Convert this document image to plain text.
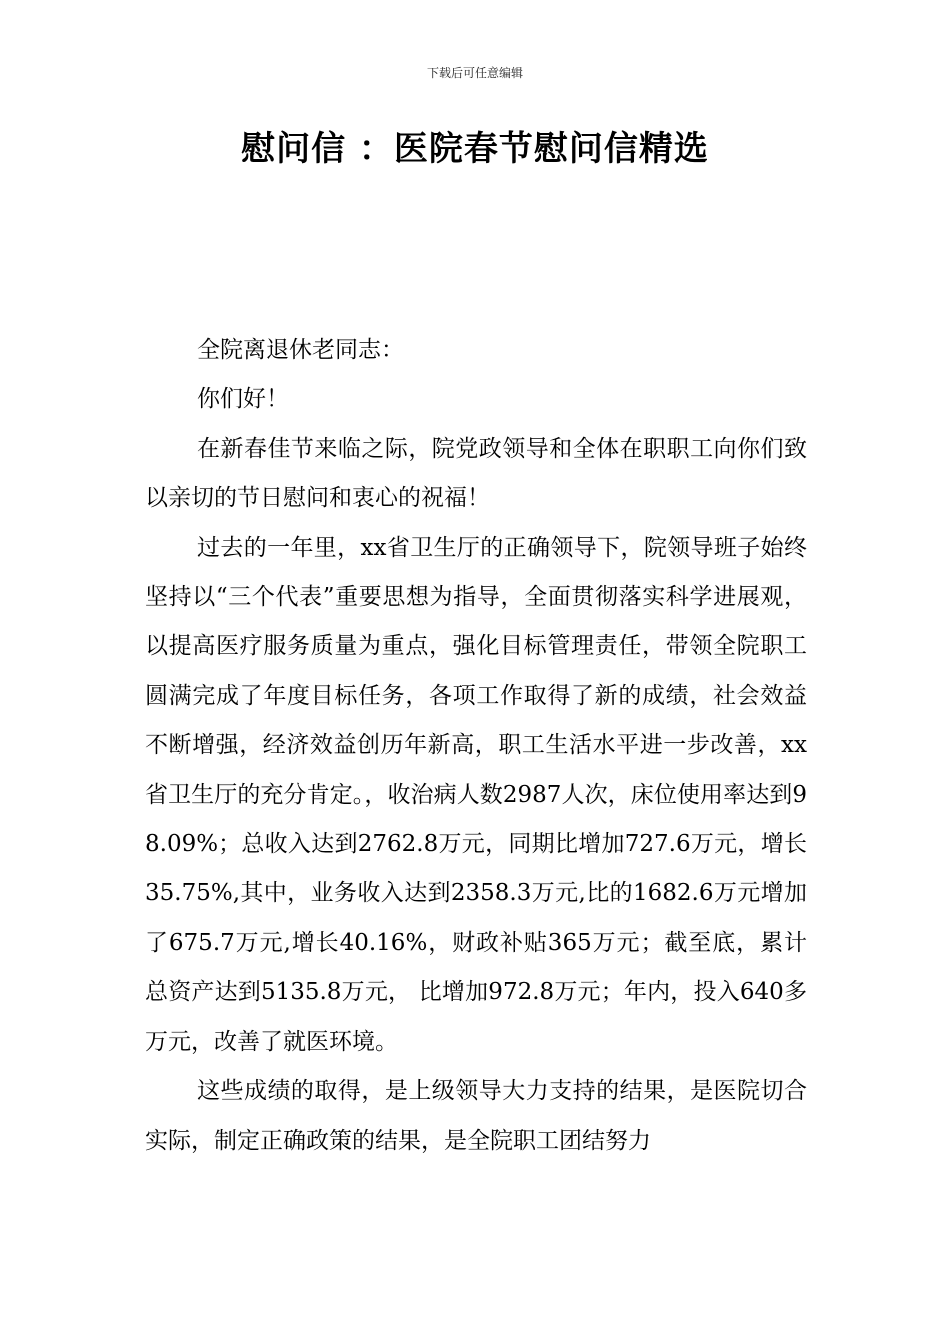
下载后可任意编辑
慰问信 ：医院春节慰问信精选

全院离退休老同志：

你们好！

在新春佳节来临之际，院党政领导和全体在职职工向你们致以亲切的节日慰问和衷心的祝福！

过去的一年里，xx省卫生厅的正确领导下，院领导班子始终坚持以“三个代表”重要思想为指导，全面贯彻落实科学进展观，以提高医疗服务质量为重点，强化目标管理责任，带领全院职工圆满完成了年度目标任务，各项工作取得了新的成绩，社会效益不断增强，经济效益创历年新高，职工生活水平进一步改善，xx省卫生厅的充分肯定。，收治病人数2987人次，床位使用率达到98.09%；总收入达到2762.8万元，同期比增加727.6万元，增长35.75%,其中，业务收入达到2358.3万元,比的1682.6万元增加了675.7万元,增长40.16%，财政补贴365万元；截至底，累计总资产达到5135.8万元， 比增加972.8万元；年内，投入640多万元，改善了就医环境。

这些成绩的取得，是上级领导大力支持的结果，是医院切合实际，制定正确政策的结果，是全院职工团结努力
